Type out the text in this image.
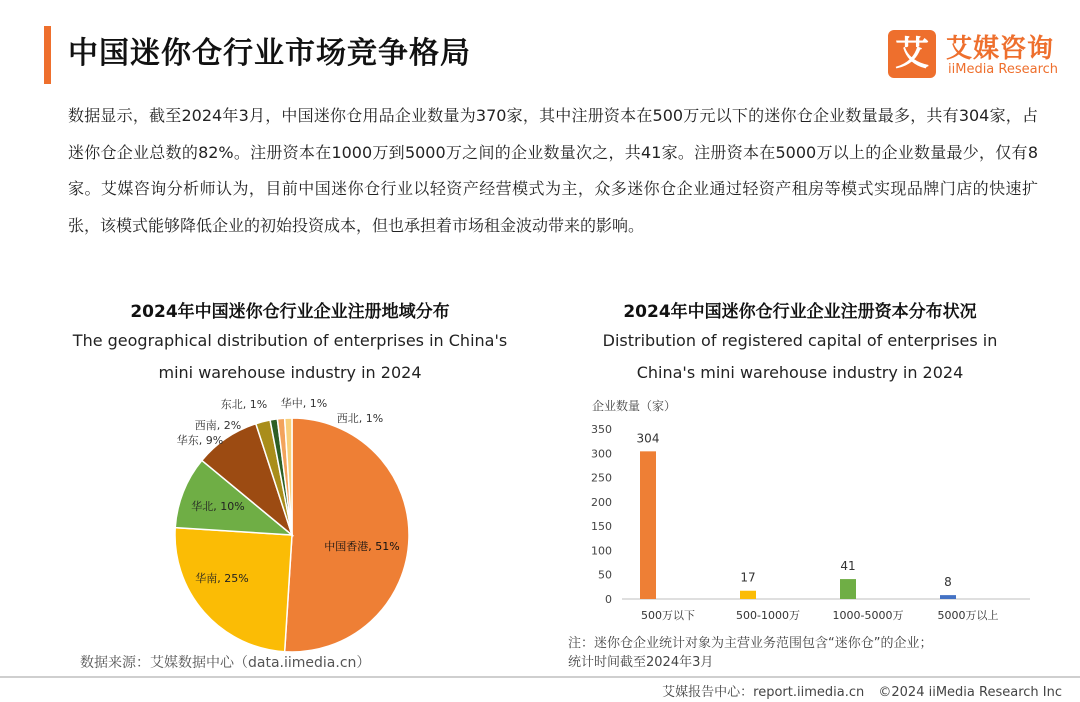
中国迷你仓行业市场竞争格局	艾 艾媒咨询
iiMedia Research

数据显示，截至2024年3月，中国迷你仓用品企业数量为370家，其中注册资本在500万元以下的迷你仓企业数量最多，共有304家，占迷你仓企业总数的82%。注册资本在1000万到5000万之间的企业数量次之，共41家。注册资本在5000万以上的企业数量最少，仅有8家。艾媒咨询分析师认为，目前中国迷你仓行业以轻资产经营模式为主，众多迷你仓企业通过轻资产租房等模式实现品牌门店的快速扩张，该模式能够降低企业的初始投资成本，但也承担着市场租金波动带来的影响。

2024年中国迷你仓行业企业注册地域分布
The geographical distribution of enterprises in China's
mini warehouse industry in 2024
中国香港, 51%
华南, 25%
华北, 10%
华东, 9%
西南, 2%
东北, 1% 华中, 1%
西北, 1%
数据来源：艾媒数据中心（data.iimedia.cn）
2024年中国迷你仓行业企业注册资本分布状况
Distribution of registered capital of enterprises in
China's mini warehouse industry in 2024
企业数量（家）
0
50
100
150
200
250
300
350
304
500万以下
17
500-1000万
41
1000-5000万
8
5000万以上
注：迷你仓企业统计对象为主营业务范围包含“迷你仓”的企业；
统计时间截至2024年3月
艾媒报告中心：report.iimedia.cn ©2024 iiMedia Research Inc
